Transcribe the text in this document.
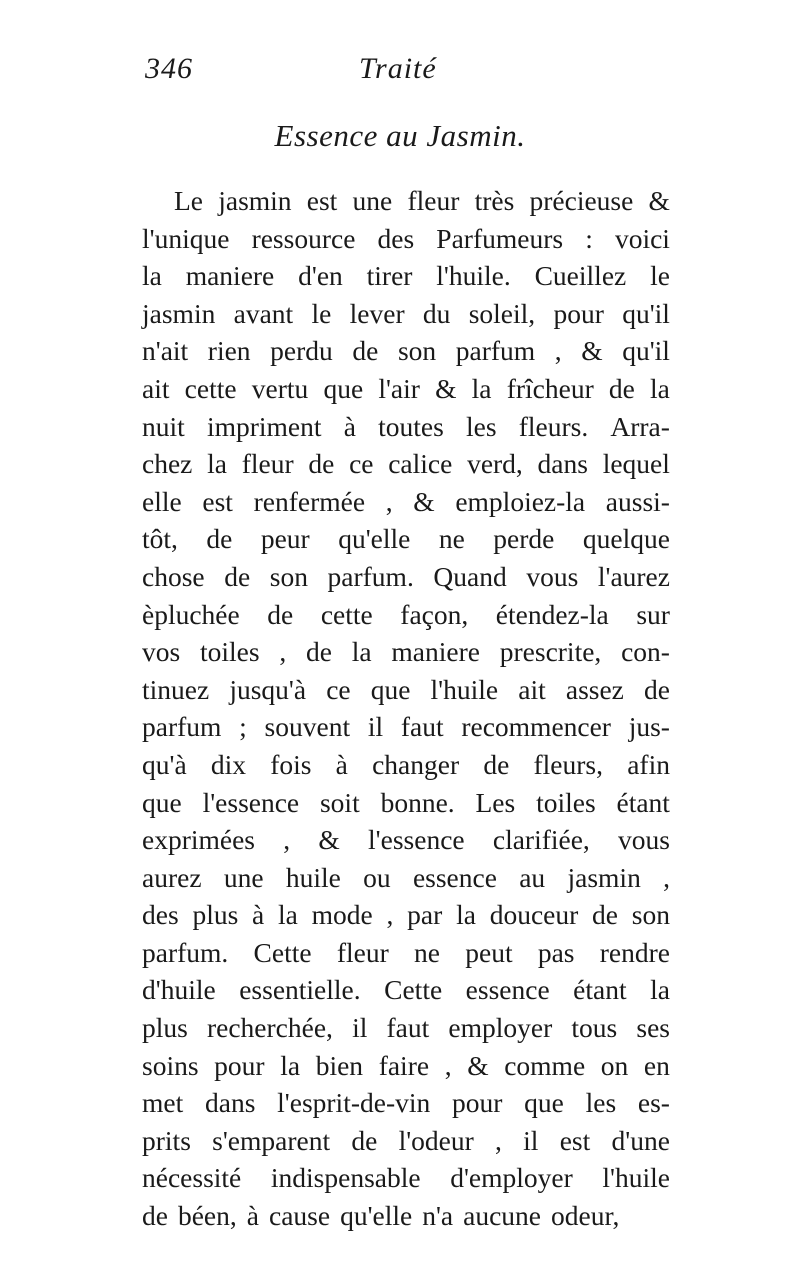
346	Traité
Essence au Jasmin.
Le jasmin est une fleur très précieuse &
l'unique ressource des Parfumeurs : voici
la maniere d'en tirer l'huile. Cueillez le
jasmin avant le lever du soleil, pour qu'il
n'ait rien perdu de son parfum , & qu'il
ait cette vertu que l'air & la frîcheur de la
nuit impriment à toutes les fleurs. Arra-
chez la fleur de ce calice verd, dans lequel
elle est renfermée , & emploiez-la aussi-
tôt, de peur qu'elle ne perde quelque
chose de son parfum. Quand vous l'aurez
èpluchée de cette façon, étendez-la sur
vos toiles , de la maniere prescrite, con-
tinuez jusqu'à ce que l'huile ait assez de
parfum ; souvent il faut recommencer jus-
qu'à dix fois à changer de fleurs, afin
que l'essence soit bonne. Les toiles étant
exprimées , & l'essence clarifiée, vous
aurez une huile ou essence au jasmin ,
des plus à la mode , par la douceur de son
parfum. Cette fleur ne peut pas rendre
d'huile essentielle. Cette essence étant la
plus recherchée, il faut employer tous ses
soins pour la bien faire , & comme on en
met dans l'esprit-de-vin pour que les es-
prits s'emparent de l'odeur , il est d'une
nécessité indispensable d'employer l'huile
de béen, à cause qu'elle n'a aucune odeur,
